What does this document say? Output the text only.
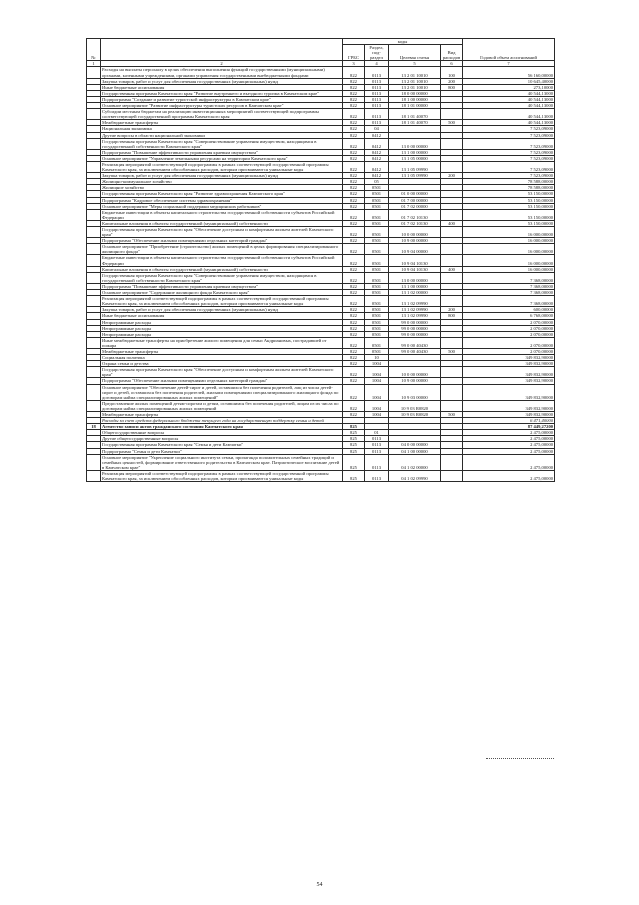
№		коды				Годовой объем ассигнований
		ГРБС	Раздел, под- раздел	Целевая статья	Вид расходов	
1	2	3	4	5	6	7
	Расходы на выплаты персоналу в целях обеспечения выполнения функций государственными (муниципальными) органами, казенными учреждениями, органами управления государственными внебюджетными фондами	822	0113	13 2 01 10010	100	56 160,00000
	Закупка товаров, работ и услуг для обеспечения государственных (муниципальных) нужд	822	0113	13 2 01 10010	200	10 645,40000
	Иные бюджетные ассигнования	822	0113	13 2 01 10010	800	273,10000
	Государственная программа Камчатского края "Развитие внутреннего и въездного туризма в Камчатском крае"	822	0113	18 0 00 00000		40 544,13000
	Подпрограмма "Создание и развитие туристской инфраструктуры в Камчатском крае"	822	0113	18 1 00 00000		40 544,13000
	Основное мероприятие "Развитие инфраструктуры туристских ресурсов в Камчатском крае"	822	0113	18 1 01 00000		40 544,13000
	Субсидии местным бюджетам на реализацию инвестиционных мероприятий соответствующей подпрограммы соответствующей государственной программы Камчатского края	822	0113	18 1 01 40070		40 544,13000
	Межбюджетные трансферты	822	0113	18 1 01 40070	500	40 544,13000
	Национальная экономика	822	04			7 523,09000
	Другие вопросы в области национальной экономики	822	0412			7 523,09000
	Государственная программа Камчатского края "Совершенствование управления имуществом, находящимся в государственной собственности Камчатского края"	822	0412	13 0 00 00000		7 523,09000
	Подпрограмма "Повышение эффективности управления краевым имуществом"	822	0412	13 1 00 00000		7 523,09000
	Основное мероприятие "Управление земельными ресурсами на территории Камчатского края"	822	0412	13 1 05 00000		7 523,09000
	Реализация мероприятий соответствующей подпрограммы в рамках соответствующей государственной программы Камчатского края, за исключением обособленных расходов, которым присваиваются уникальные коды	822	0412	13 1 05 09990		7 523,09000
	Закупка товаров, работ и услуг для обеспечения государственных (муниципальных) нужд	822	0412	13 1 05 09990	200	7 523,09000
	Жилищно-коммунальное хозяйство	822	05			78 588,00000
	Жилищное хозяйство	822	0501			78 588,00000
	Государственная программа Камчатского края "Развитие здравоохранения Камчатского края"	822	0501	01 0 00 00000		53 150,00000
	Подпрограмма "Кадровое обеспечение системы здравоохранения"	822	0501	01 7 00 00000		53 150,00000
	Основное мероприятие "Меры социальной поддержки медицинских работников"	822	0501	01 7 02 00000		53 150,00000
	Бюджетные инвестиции в объекты капитального строительства государственной собственности субъектов Российской Федерации	822	0501	01 7 02 10130		53 150,00000
	Капитальные вложения в объекты государственной (муниципальной) собственности	822	0501	01 7 02 10130	400	53 150,00000
	Государственная программа Камчатского края "Обеспечение доступным и комфортным жильем жителей Камчатского края"	822	0501	10 0 00 00000		16 000,00000
	Подпрограмма "Обеспечение жилыми помещениями отдельных категорий граждан"	822	0501	10 9 00 00000		16 000,00000
	Основное мероприятие "Приобретение (строительство) жилых помещений в целях формирования специализированного жилищного фонда"	822	0501	10 9 04 00000		16 000,00000
	Бюджетные инвестиции в объекты капитального строительства государственной собственности субъектов Российской Федерации	822	0501	10 9 04 10130		16 000,00000
	Капитальные вложения в объекты государственной (муниципальной) собственности	822	0501	10 9 04 10130	400	16 000,00000
	Государственная программа Камчатского края "Совершенствование управления имуществом, находящимся в государственной собственности Камчатского края"	822	0501	13 0 00 00000		7 368,00000
	Подпрограмма "Повышение эффективности управления краевым имуществом"	822	0501	13 1 00 00000		7 368,00000
	Основное мероприятие "Содержание жилищного фонда Камчатского края"	822	0501	13 1 02 00000		7 368,00000
	Реализация мероприятий соответствующей подпрограммы в рамках соответствующей государственной программы Камчатского края, за исключением обособленных расходов, которым присваиваются уникальные коды	822	0501	13 1 02 09990		7 368,00000
	Закупка товаров, работ и услуг для обеспечения государственных (муниципальных) нужд	822	0501	13 1 02 09990	200	600,00000
	Иные бюджетные ассигнования	822	0501	13 1 02 09990	800	6 768,00000
	Непрограммные расходы	822	0501	99 0 00 00000		2 070,00000
	Непрограммные расходы	822	0501	99 0 00 00000		2 070,00000
	Непрограммные расходы	822	0501	99 0 00 00000		2 070,00000
	Иные межбюджетные трансферты на приобретение жилого помещения для семьи Андриановых, пострадавшей от пожара	822	0501	99 0 00 40430		2 070,00000
	Межбюджетные трансферты	822	0501	99 0 00 40430	500	2 070,00000
	Социальная политика	822	10			349 832,90000
	Охрана семьи и детства	822	1004			349 832,90000
	Государственная программа Камчатского края "Обеспечение доступным и комфортным жильем жителей Камчатского края"	822	1004	10 0 00 00000		349 832,90000
	Подпрограмма "Обеспечение жилыми помещениями отдельных категорий граждан"	822	1004	10 9 00 00000		349 832,90000
	Основное мероприятие "Обеспечение детей-сирот и детей, оставшихся без попечения родителей, лиц из числа детей-сирот и детей, оставшихся без попечения родителей, жилыми помещениями специализированного жилищного фонда по договорам найма специализированных жилых помещений"	822	1004	10 9 03 00000		349 832,90000
	Предоставление жилых помещений детям-сиротам и детям, оставшимся без попечения родителей, лицам из их числа по договорам найма специализированных жилых помещений	822	1004	10 9 03 R0820		349 832,90000
	Межбюджетные трансферты	822	1004	10 9 03 R0820	500	349 832,90000
	Расходы за счет средств федерального бюджета текущего года на государственную поддержку семьи и детей					6 471,40000
18	Агентство записи актов гражданского состояния Камчатского края	825				87 449,27200
	Общегосударственные вопросы	825	01			2 475,00000
	Другие общегосударственные вопросы	825	0113			2 475,00000
	Государственная программа Камчатского края "Семья и дети Камчатки"	825	0113	04 0 00 00000		2 475,00000
	Подпрограмма "Семья и дети Камчатки"	825	0113	04 1 00 00000		2 475,00000
	Основное мероприятие "Укрепление социального института семьи, пропаганда положительных семейных традиций и семейных ценностей, формирование ответственного родительства в Камчатском крае. Патриотическое воспитание детей в Камчатском крае"	825	0113	04 1 02 00000		2 475,00000
	Реализация мероприятий соответствующей подпрограммы в рамках соответствующей государственной программы Камчатского края, за исключением обособленных расходов, которым присваиваются уникальные коды	825	0113	04 1 02 09990		2 475,00000
54
